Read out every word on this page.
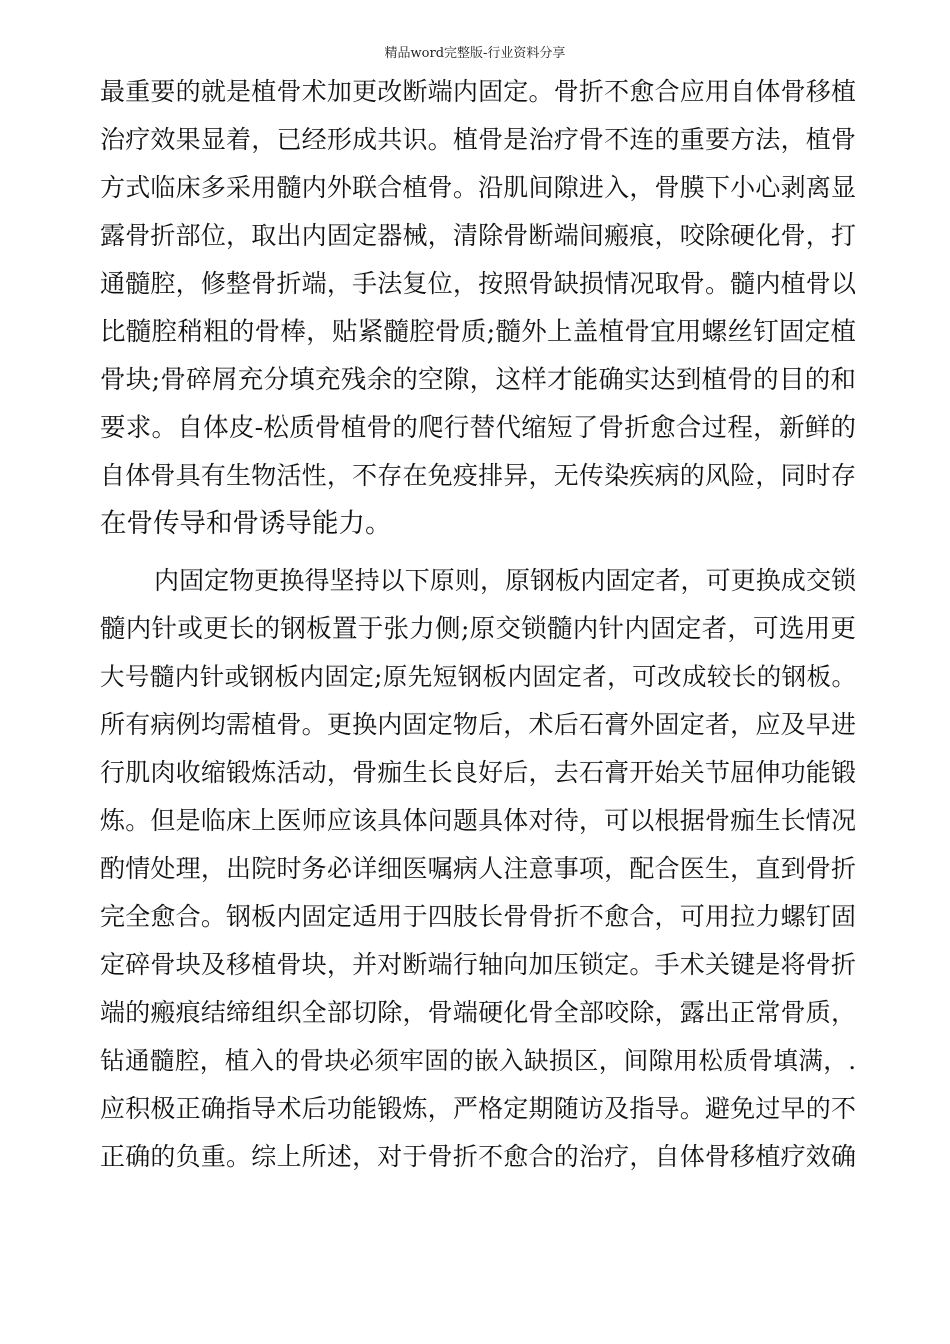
精品word完整版-行业资料分享
最重要的就是植骨术加更改断端内固定。骨折不愈合应用自体骨移植
治疗效果显着，已经形成共识。植骨是治疗骨不连的重要方法，植骨
方式临床多采用髓内外联合植骨。沿肌间隙进入，骨膜下小心剥离显
露骨折部位，取出内固定器械，清除骨断端间瘢痕，咬除硬化骨，打
通髓腔，修整骨折端，手法复位，按照骨缺损情况取骨。髓内植骨以
比髓腔稍粗的骨棒，贴紧髓腔骨质;髓外上盖植骨宜用螺丝钉固定植
骨块;骨碎屑充分填充残余的空隙，这样才能确实达到植骨的目的和
要求。自体皮-松质骨植骨的爬行替代缩短了骨折愈合过程，新鲜的
自体骨具有生物活性，不存在免疫排异，无传染疾病的风险，同时存
在骨传导和骨诱导能力。
内固定物更换得坚持以下原则，原钢板内固定者，可更换成交锁
髓内针或更长的钢板置于张力侧;原交锁髓内针内固定者，可选用更
大号髓内针或钢板内固定;原先短钢板内固定者，可改成较长的钢板。
所有病例均需植骨。更换内固定物后，术后石膏外固定者，应及早进
行肌肉收缩锻炼活动，骨痂生长良好后，去石膏开始关节屈伸功能锻
炼。但是临床上医师应该具体问题具体对待，可以根据骨痂生长情况
酌情处理，出院时务必详细医嘱病人注意事项，配合医生，直到骨折
完全愈合。钢板内固定适用于四肢长骨骨折不愈合，可用拉力螺钉固
定碎骨块及移植骨块，并对断端行轴向加压锁定。手术关键是将骨折
端的瘢痕结缔组织全部切除，骨端硬化骨全部咬除，露出正常骨质，
钻通髓腔，植入的骨块必须牢固的嵌入缺损区，间隙用松质骨填满，.
应积极正确指导术后功能锻炼，严格定期随访及指导。避免过早的不
正确的负重。综上所述，对于骨折不愈合的治疗，自体骨移植疗效确
